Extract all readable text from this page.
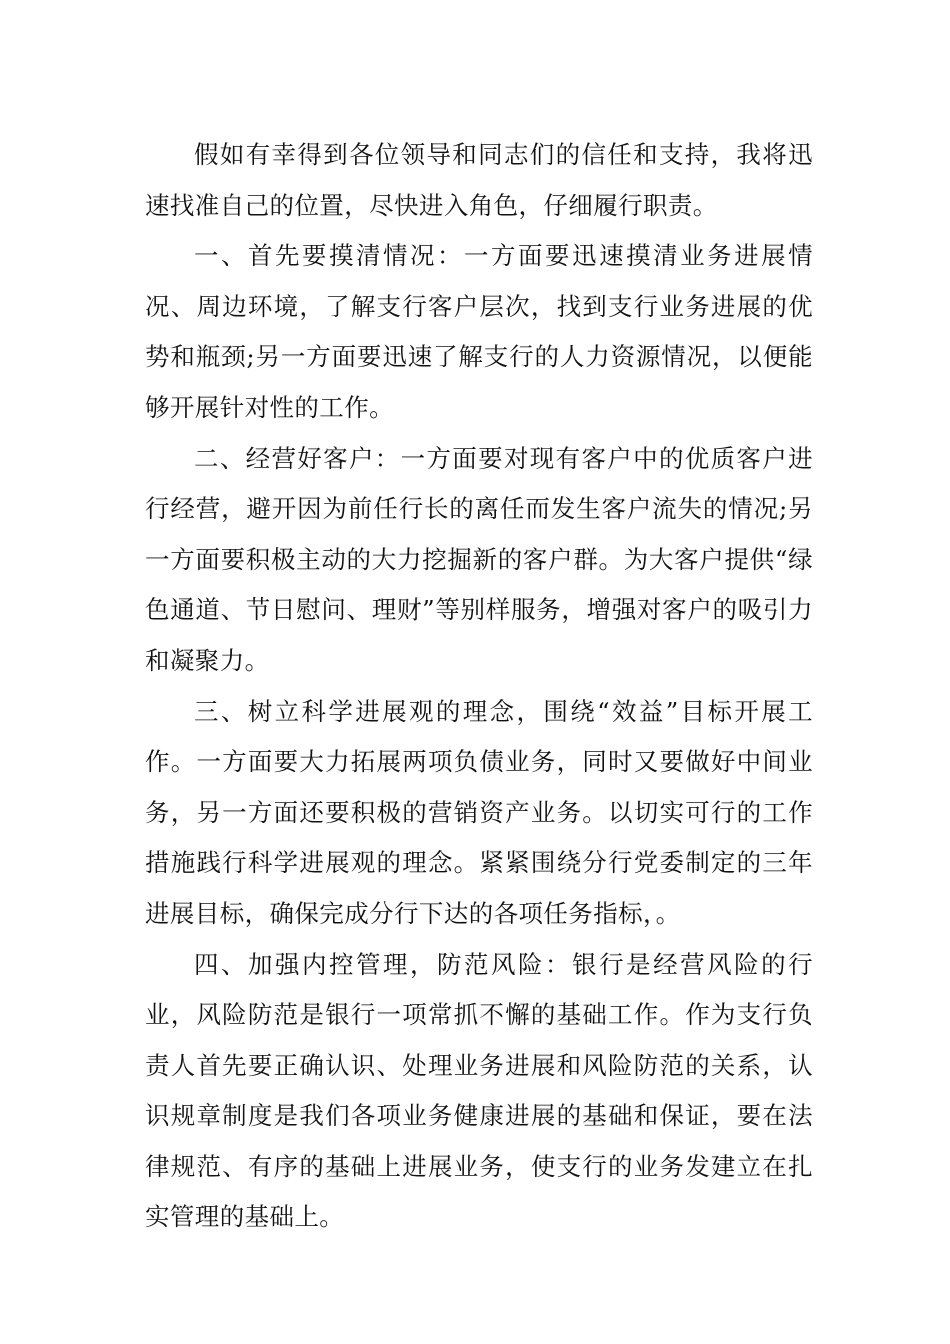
假如有幸得到各位领导和同志们的信任和支持，我将迅速找准自己的位置，尽快进入角色，仔细履行职责。

一、首先要摸清情况：一方面要迅速摸清业务进展情况、周边环境，了解支行客户层次，找到支行业务进展的优势和瓶颈;另一方面要迅速了解支行的人力资源情况，以便能够开展针对性的工作。

二、经营好客户：一方面要对现有客户中的优质客户进行经营，避开因为前任行长的离任而发生客户流失的情况;另一方面要积极主动的大力挖掘新的客户群。为大客户提供“绿色通道、节日慰问、理财”等别样服务，增强对客户的吸引力和凝聚力。

三、树立科学进展观的理念，围绕“效益”目标开展工作。一方面要大力拓展两项负债业务，同时又要做好中间业务，另一方面还要积极的营销资产业务。以切实可行的工作措施践行科学进展观的理念。紧紧围绕分行党委制定的三年进展目标，确保完成分行下达的各项任务指标，。

四、加强内控管理，防范风险：银行是经营风险的行业，风险防范是银行一项常抓不懈的基础工作。作为支行负责人首先要正确认识、处理业务进展和风险防范的关系，认识规章制度是我们各项业务健康进展的基础和保证，要在法律规范、有序的基础上进展业务，使支行的业务发建立在扎实管理的基础上。
